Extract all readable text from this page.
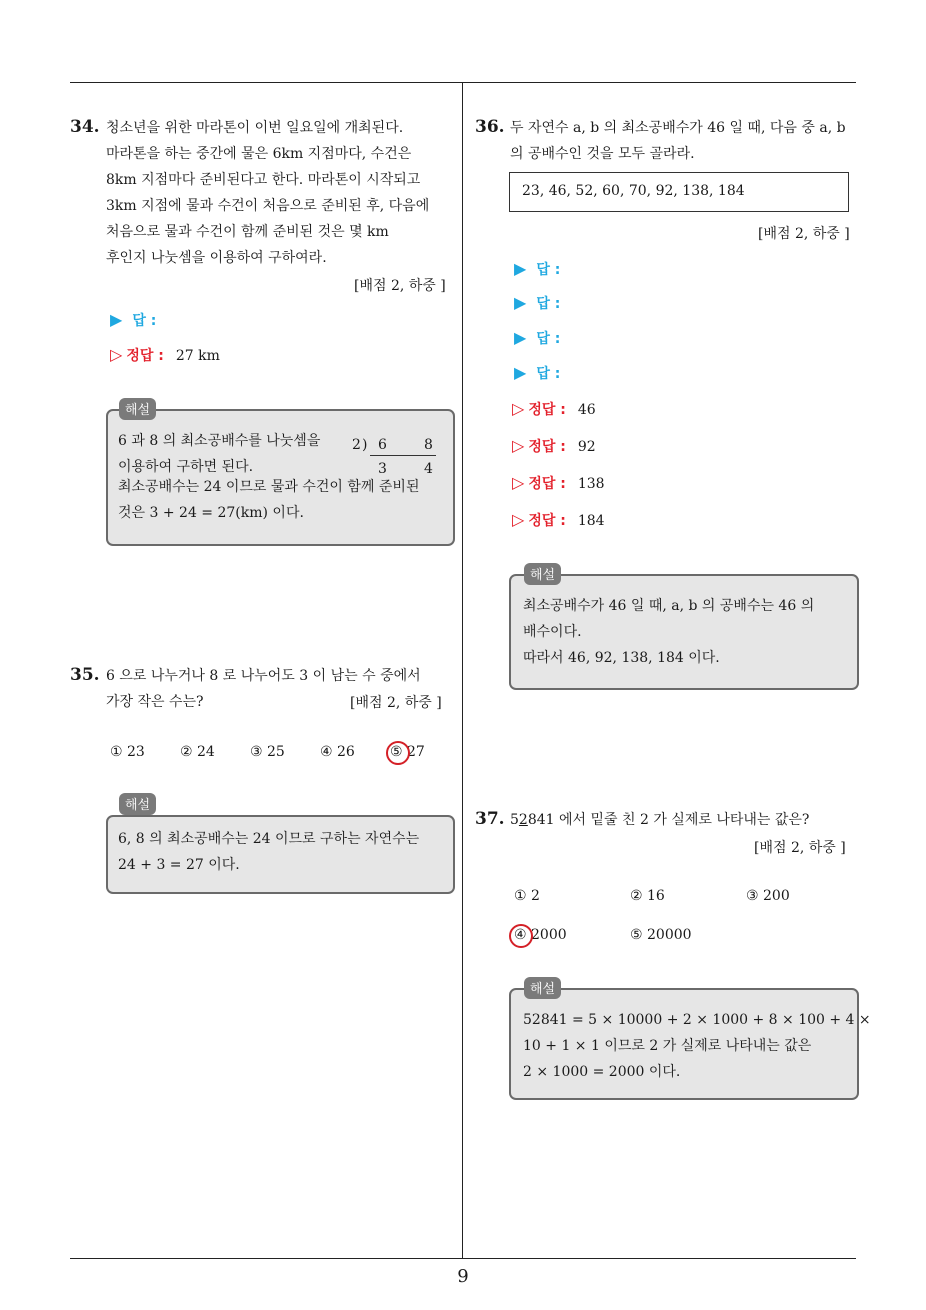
9
34. 청소년을 위한 마라톤이 이번 일요일에 개최된다.
마라톤을 하는 중간에 물은 6km 지점마다, 수건은
8km 지점마다 준비된다고 한다. 마라톤이 시작되고
3km 지점에 물과 수건이 처음으로 준비된 후, 다음에
처음으로 물과 수건이 함께 준비된 것은 몇 km
후인지 나눗셈을 이용하여 구하여라.
[배점 2, 하중 ]
▶ 답 :
▷ 정답 : 27 km
6 과 8 의 최소공배수를 나눗셈을
이용하여 구하면 된다.
최소공배수는 24 이므로 물과 수건이 함께 준비된
것은 3 + 24 = 27(km) 이다.
2 ) 6	8
3	4
해설
35. 6 으로 나누거나 8 로 나누어도 3 이 남는 수 중에서
가장 작은 수는?	[배점 2, 하중 ]
① 23	② 24	③ 25	④ 26	⑤ 27
6, 8 의 최소공배수는 24 이므로 구하는 자연수는
24 + 3 = 27 이다.
해설
36. 두 자연수 a, b 의 최소공배수가 46 일 때, 다음 중 a, b
의 공배수인 것을 모두 골라라.
23, 46, 52, 60, 70, 92, 138, 184
[배점 2, 하중 ]
▶ 답 :
▶ 답 :
▶ 답 :
▶ 답 :
▷ 정답 : 46
▷ 정답 : 92
▷ 정답 : 138
▷ 정답 : 184
최소공배수가 46 일 때, a, b 의 공배수는 46 의
배수이다.
따라서 46, 92, 138, 184 이다.
해설
37. 52841 에서 밑줄 친 2 가 실제로 나타내는 값은?
[배점 2, 하중 ]
① 2	② 16	③ 200
④ 2000	⑤ 20000
52841 = 5 × 10000 + 2 × 1000 + 8 × 100 + 4 ×
10 + 1 × 1 이므로 2 가 실제로 나타내는 값은
2 × 1000 = 2000 이다.
해설
